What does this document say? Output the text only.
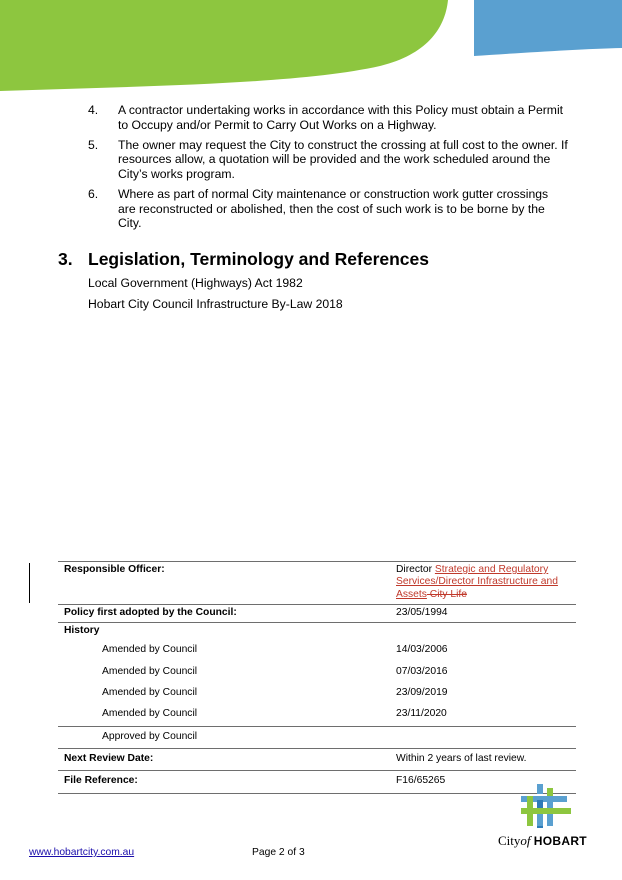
4. A contractor undertaking works in accordance with this Policy must obtain a Permit to Occupy and/or Permit to Carry Out Works on a Highway.
5. The owner may request the City to construct the crossing at full cost to the owner. If resources allow, a quotation will be provided and the work scheduled around the City’s works program.
6. Where as part of normal City maintenance or construction work gutter crossings are reconstructed or abolished, then the cost of such work is to be borne by the City.
3. Legislation, Terminology and References

Local Government (Highways) Act 1982

Hobart City Council Infrastructure By-Law 2018

Responsible Officer:	Director Strategic and Regulatory Services/Director Infrastructure and Assets City Life
Policy first adopted by the Council:	23/05/1994
History	
Amended by Council	14/03/2006
Amended by Council	07/03/2016
Amended by Council	23/09/2019
Amended by Council	23/11/2020
Approved by Council	
Next Review Date:	Within 2 years of last review.
File Reference:	F16/65265
Cityof HOBART
www.hobartcity.com.au	Page 2 of 3
